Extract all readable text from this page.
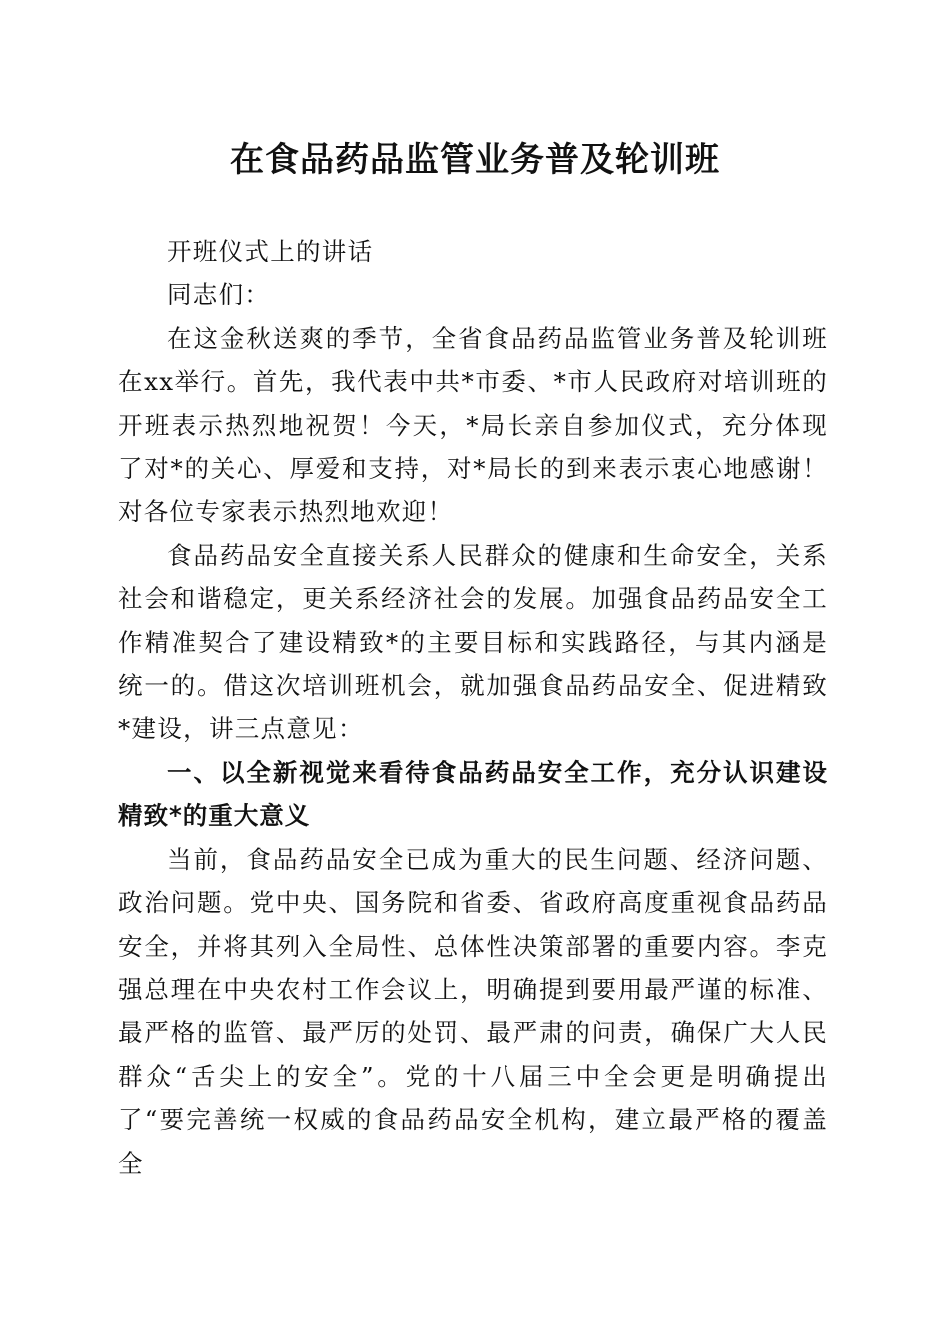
在食品药品监管业务普及轮训班

开班仪式上的讲话

同志们：

在这金秋送爽的季节，全省食品药品监管业务普及轮训班在xx举行。首先，我代表中共*市委、*市人民政府对培训班的开班表示热烈地祝贺！今天，*局长亲自参加仪式，充分体现了对*的关心、厚爱和支持，对*局长的到来表示衷心地感谢！对各位专家表示热烈地欢迎！

食品药品安全直接关系人民群众的健康和生命安全，关系社会和谐稳定，更关系经济社会的发展。加强食品药品安全工作精准契合了建设精致*的主要目标和实践路径，与其内涵是统一的。借这次培训班机会，就加强食品药品安全、促进精致*建设，讲三点意见：

一、以全新视觉来看待食品药品安全工作，充分认识建设精致*的重大意义

当前，食品药品安全已成为重大的民生问题、经济问题、政治问题。党中央、国务院和省委、省政府高度重视食品药品安全，并将其列入全局性、总体性决策部署的重要内容。李克强总理在中央农村工作会议上，明确提到要用最严谨的标准、最严格的监管、最严厉的处罚、最严肃的问责，确保广大人民群众“舌尖上的安全”。党的十八届三中全会更是明确提出了“要完善统一权威的食品药品安全机构，建立最严格的覆盖全
